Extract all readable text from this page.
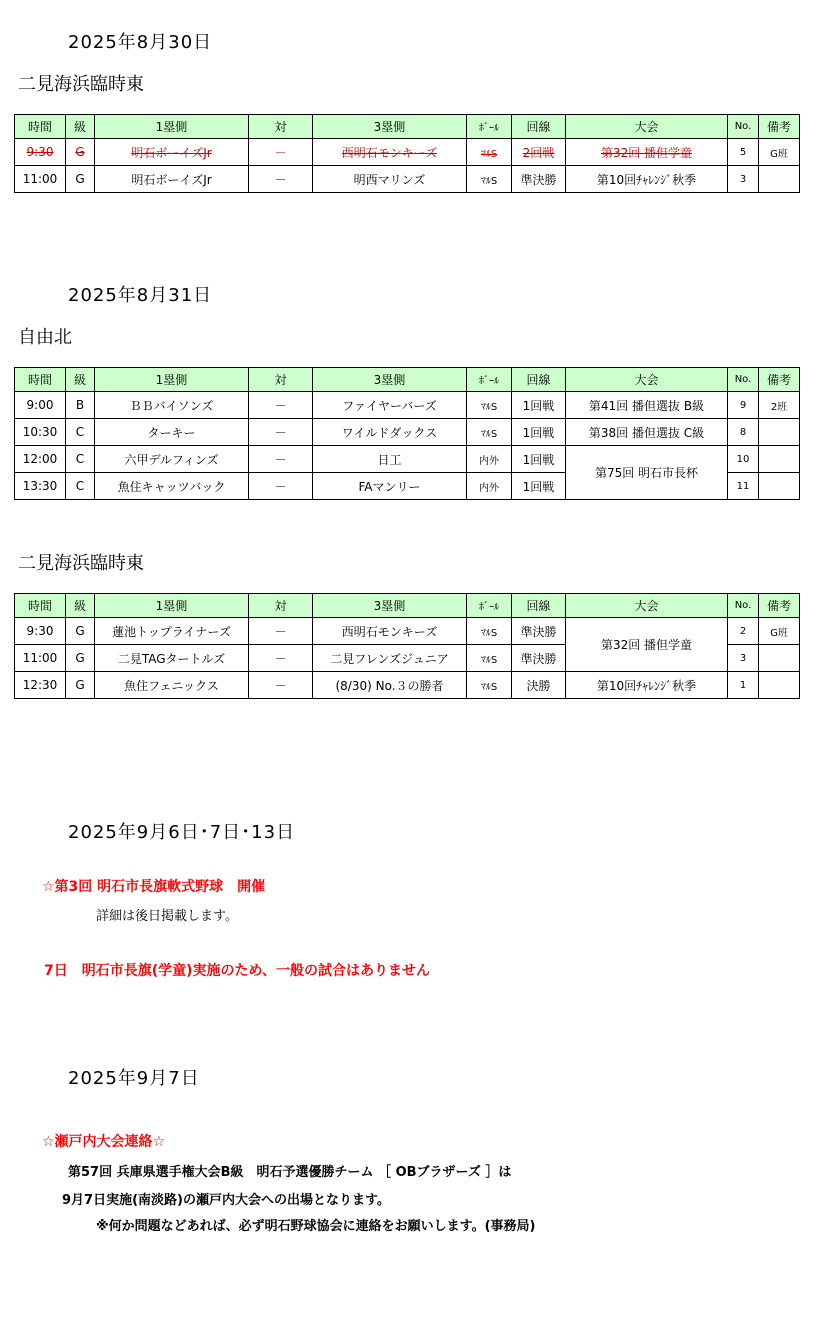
2025年8月30日
二見海浜臨時東
時間	級	1塁側	対	3塁側	ﾎﾞｰﾙ	回線	大会	No.	備考
9:30	G	明石ボーイズJr	－	西明石モンキーズ	ﾏﾙS	2回戦	第32回 播但学童	5	G班
11:00	G	明石ボーイズJr	－	明西マリンズ	ﾏﾙS	準決勝	第10回ﾁｬﾚﾝｼﾞ秋季	3	
2025年8月31日
自由北
時間	級	1塁側	対	3塁側	ﾎﾞｰﾙ	回線	大会	No.	備考
9:00	B	ＢＢバイソンズ	－	ファイヤーバーズ	ﾏﾙS	1回戦	第41回 播但選抜 B級	9	2班
10:30	C	ターキー	－	ワイルドダックス	ﾏﾙS	1回戦	第38回 播但選抜 C級	8	
12:00	C	六甲デルフィンズ	－	日工	内外	1回戦	第75回 明石市長杯	10	
13:30	C	魚住キャッツバック	－	FAマンリー	内外	1回戦		11	
二見海浜臨時東
時間	級	1塁側	対	3塁側	ﾎﾞｰﾙ	回線	大会	No.	備考
9:30	G	蓮池トップライナーズ	－	西明石モンキーズ	ﾏﾙS	準決勝	第32回 播但学童	2	G班
11:00	G	二見TAGタートルズ	－	二見フレンズジュニア	ﾏﾙS	準決勝		3	
12:30	G	魚住フェニックス	－	(8/30) No.３の勝者	ﾏﾙS	決勝	第10回ﾁｬﾚﾝｼﾞ秋季	1	
2025年9月6日･7日･13日
☆第3回 明石市長旗軟式野球　開催
詳細は後日掲載します。
7日　明石市長旗(学童)実施のため、一般の試合はありません
2025年9月7日
☆瀬戸内大会連絡☆
第57回 兵庫県選手権大会B級　明石予選優勝チーム ［ OBブラザーズ ］は
9月7日実施(南淡路)の瀬戸内大会への出場となります。
※何か問題などあれば、必ず明石野球協会に連絡をお願いします。(事務局)
